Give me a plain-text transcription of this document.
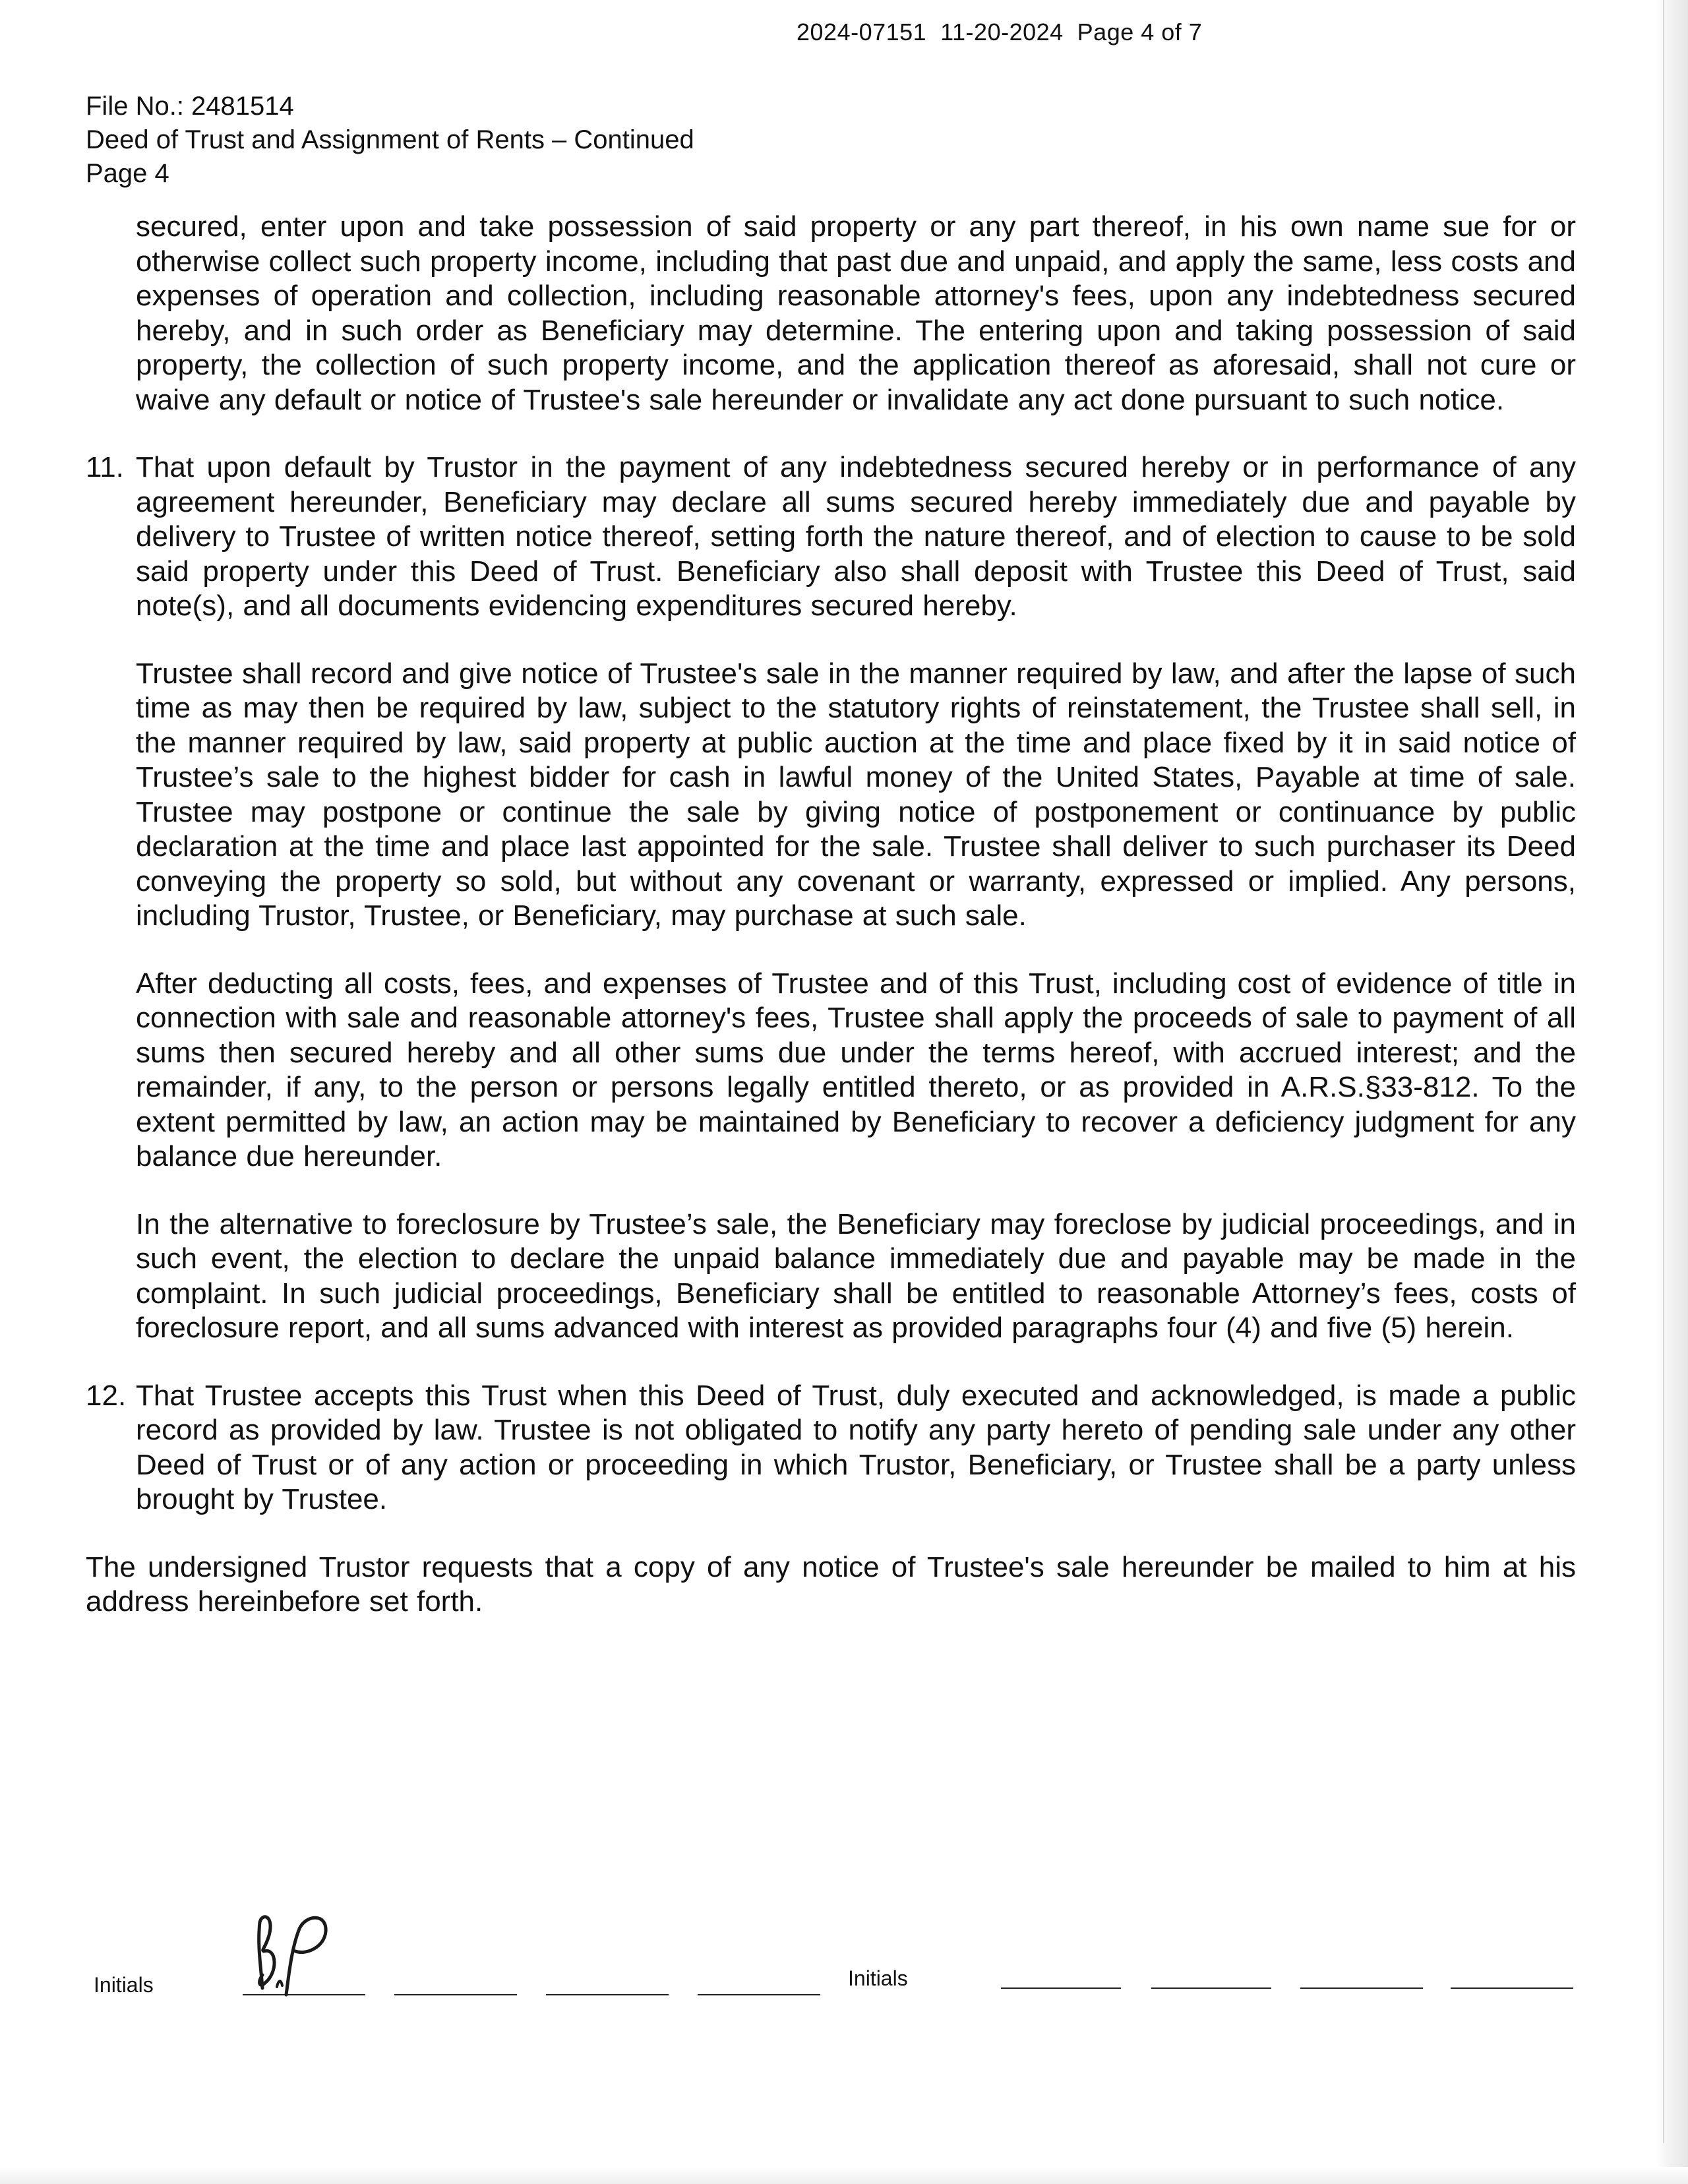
2024-07151  11-20-2024  Page 4 of 7
File No.: 2481514
Deed of Trust and Assignment of Rents – Continued
Page 4

secured, enter upon and take possession of said property or any part thereof, in his own name sue for or otherwise collect such property income, including that past due and unpaid, and apply the same, less costs and expenses of operation and collection, including reasonable attorney's fees, upon any indebtedness secured hereby, and in such order as Beneficiary may determine. The entering upon and taking possession of said property, the collection of such property income, and the application thereof as aforesaid, shall not cure or waive any default or notice of Trustee's sale hereunder or invalidate any act done pursuant to such notice.

11. That upon default by Trustor in the payment of any indebtedness secured hereby or in performance of any agreement hereunder, Beneficiary may declare all sums secured hereby immediately due and payable by delivery to Trustee of written notice thereof, setting forth the nature thereof, and of election to cause to be sold said property under this Deed of Trust. Beneficiary also shall deposit with Trustee this Deed of Trust, said note(s), and all documents evidencing expenditures secured hereby.

Trustee shall record and give notice of Trustee's sale in the manner required by law, and after the lapse of such time as may then be required by law, subject to the statutory rights of reinstatement, the Trustee shall sell, in the manner required by law, said property at public auction at the time and place fixed by it in said notice of Trustee’s sale to the highest bidder for cash in lawful money of the United States, Payable at time of sale. Trustee may postpone or continue the sale by giving notice of postponement or continuance by public declaration at the time and place last appointed for the sale. Trustee shall deliver to such purchaser its Deed conveying the property so sold, but without any covenant or warranty, expressed or implied. Any persons, including Trustor, Trustee, or Beneficiary, may purchase at such sale.

After deducting all costs, fees, and expenses of Trustee and of this Trust, including cost of evidence of title in connection with sale and reasonable attorney's fees, Trustee shall apply the proceeds of sale to payment of all sums then secured hereby and all other sums due under the terms hereof, with accrued interest; and the remainder, if any, to the person or persons legally entitled thereto, or as provided in A.R.S.§33-812. To the extent permitted by law, an action may be maintained by Beneficiary to recover a deficiency judgment for any balance due hereunder.

In the alternative to foreclosure by Trustee’s sale, the Beneficiary may foreclose by judicial proceedings, and in such event, the election to declare the unpaid balance immediately due and payable may be made in the complaint. In such judicial proceedings, Beneficiary shall be entitled to reasonable Attorney’s fees, costs of foreclosure report, and all sums advanced with interest as provided paragraphs four (4) and five (5) herein.

12. That Trustee accepts this Trust when this Deed of Trust, duly executed and acknowledged, is made a public record as provided by law. Trustee is not obligated to notify any party hereto of pending sale under any other Deed of Trust or of any action or proceeding in which Trustor, Beneficiary, or Trustee shall be a party unless brought by Trustee.

The undersigned Trustor requests that a copy of any notice of Trustee's sale hereunder be mailed to him at his address hereinbefore set forth.

Initials	Initials
